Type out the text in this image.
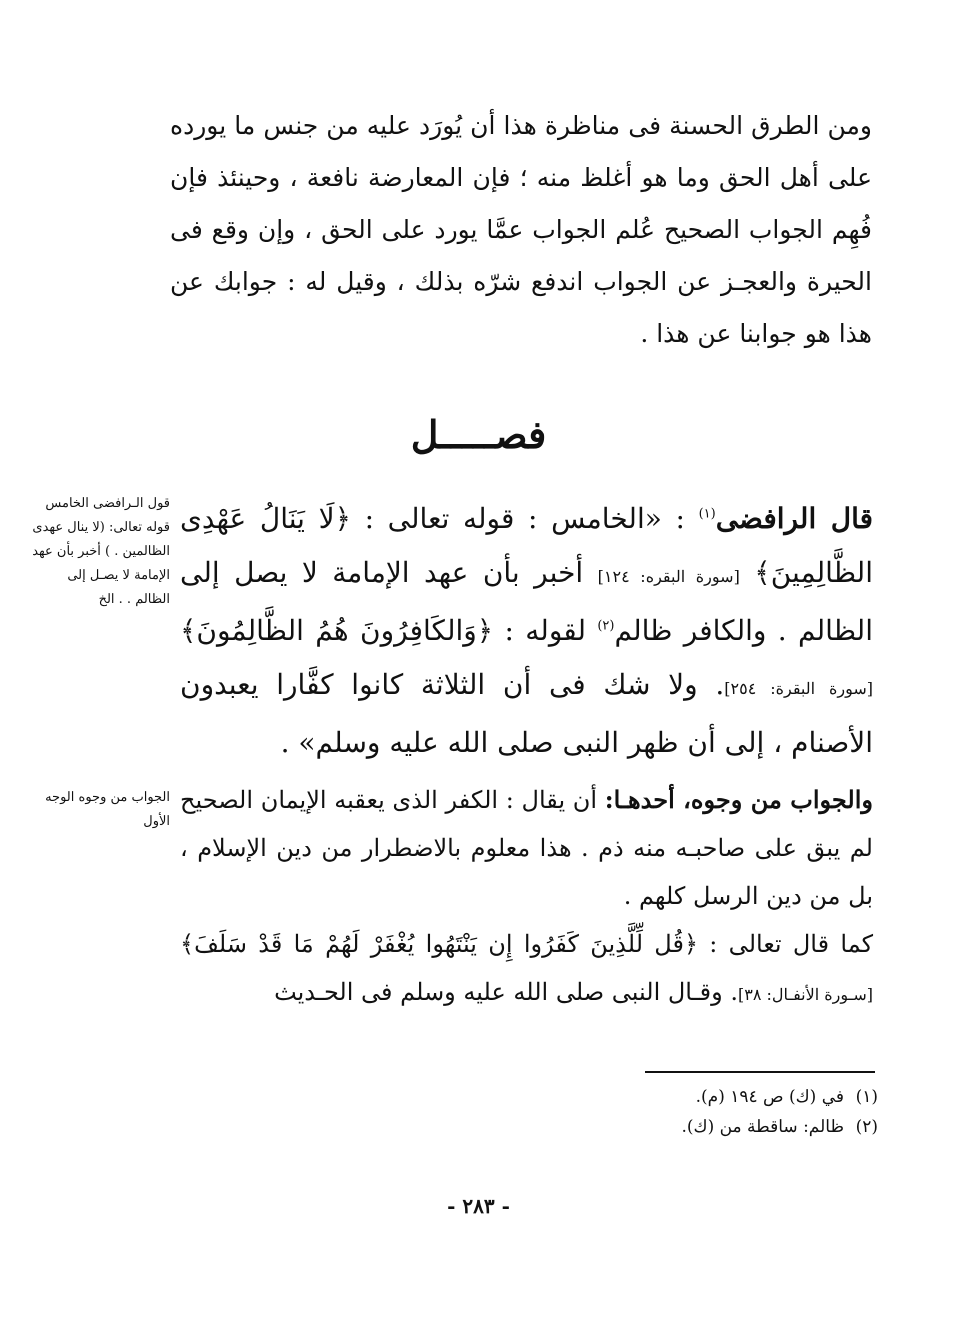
ومن الطرق الحسنة فى مناظرة هذا أن يُورَد عليه من جنس ما يورده على أهل الحق وما هو أغلظ منه ؛ فإن المعارضة نافعة ، وحينئذ فإن فُهِم الجواب الصحيح عُلم الجواب عمَّا يورد على الحق ، وإن وقع فى الحيرة والعجـز عن الجواب اندفع شرّه بذلك ، وقيل له : جوابك عن هذا هو جوابنا عن هذا .

فصـــــل
قول الـرافضى الخامس قوله تعالى: (لا ينال عهدى الظالمين . ) أخبر بأن عهد الإمامة لا يصـل إلى الظالم . . الخ
الجواب من وجوه الوجه الأول

قال الرافضى$^{(١)}$ : «الخامس : قوله تعالى : ﴿لَا يَنَالُ عَهْدِى الظَّالِمِينَ﴾ [سورة البقره: ١٢٤] أخبر بأن عهد الإمامة لا يصل إلى الظالم . والكافر ظالم$^{(٢)}$ لقوله : ﴿وَالكَافِرُونَ هُمُ الظَّالِمُونَ﴾ [سورة البقرة: ٢٥٤]. ولا شك فى أن الثلاثة كانوا كفَّارا يعبدون الأصنام ، إلى أن ظهر النبى صلى الله عليه وسلم» .

والجواب من وجوه، أحدهـا: أن يقال : الكفر الذى يعقبه الإيمان الصحيح لم يبق على صاحبـه منه ذم . هذا معلوم بالاضطرار من دين الإسلام ، بل من دين الرسل كلهم .

كما قال تعالى : ﴿قُل لِّلَّذِينَ كَفَرُوا إِن يَنْتَهُوا يُغْفَرْ لَهُمْ مَا قَدْ سَلَفَ﴾ [سـورة الأنفـال: ٣٨]. وقـال النبى صلى الله عليه وسلم فى الحـديث

(١)في (ك) ص ١٩٤ (م).
(٢)ظالم: ساقطة من (ك).
- ٢٨٣ -
